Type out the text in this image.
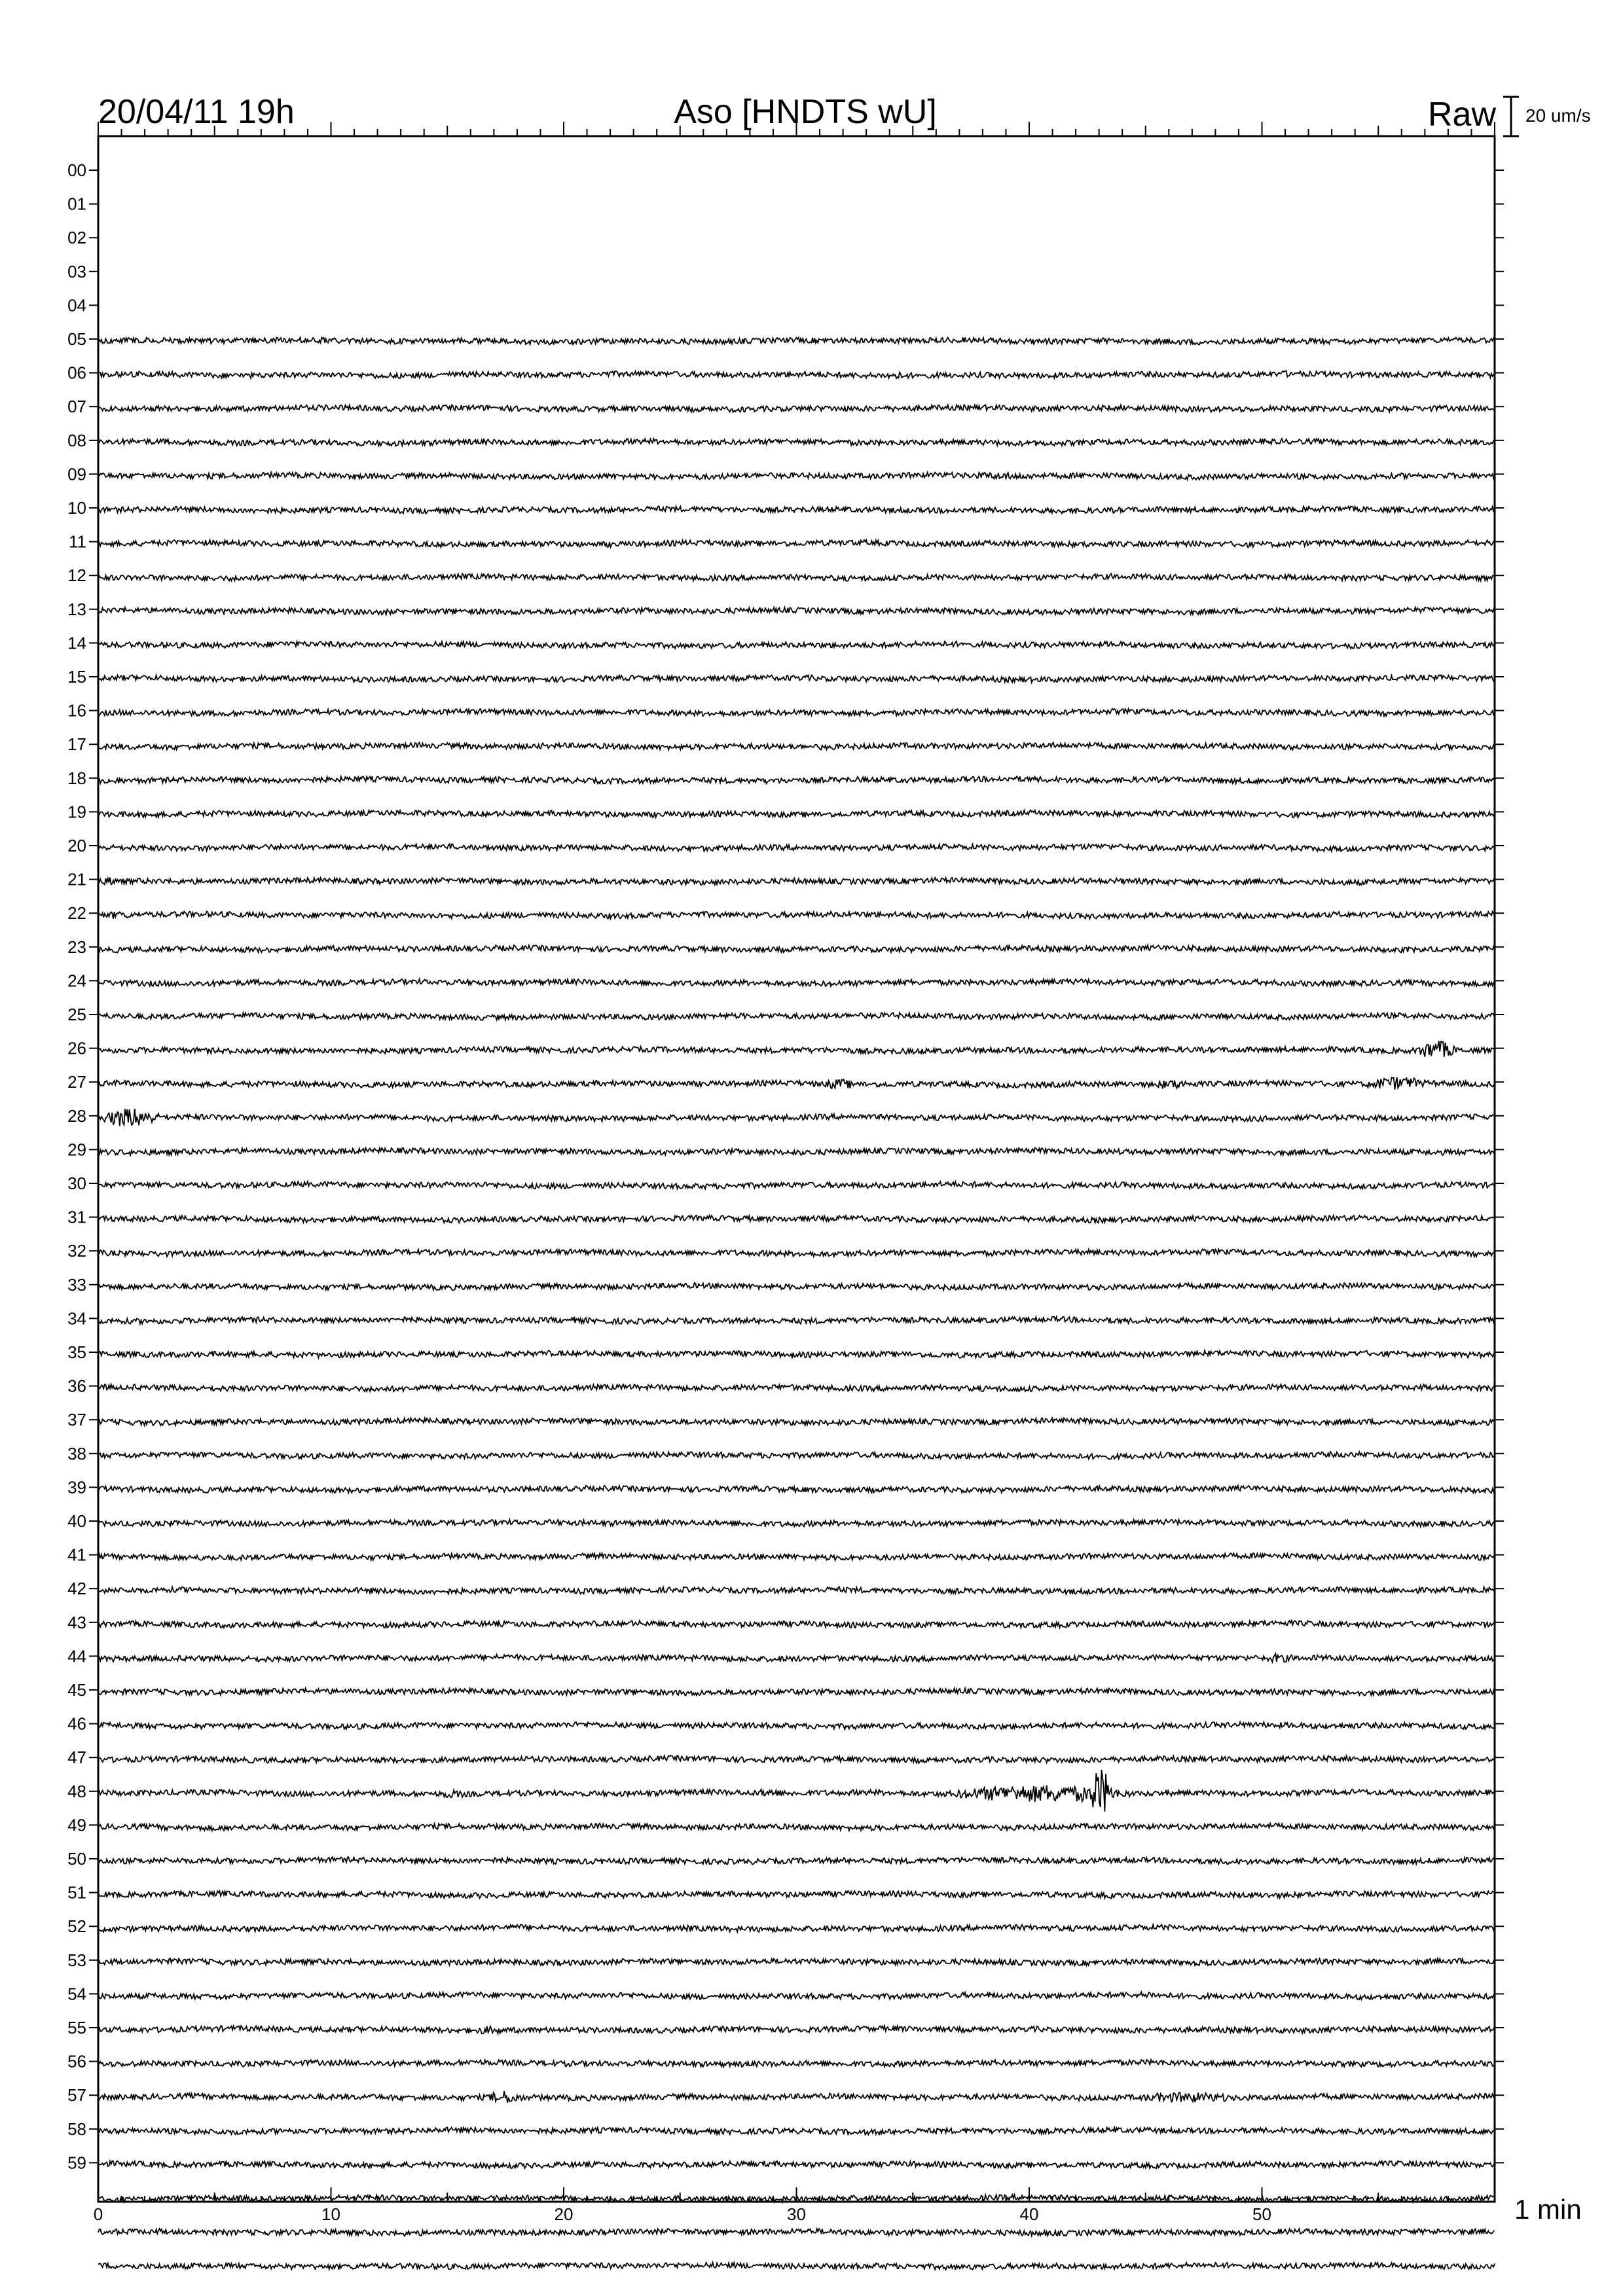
20/04/11 19h	Aso [HNDTS wU]	Raw 20 um/s
0	10	20	30	40	50
00
01
02
03
04
05
06
07
08
09
10
11
12
13
14
15
16
17
18
19
20
21
22
23
24
25
26
27
28
29
30
31
32
33
34
35
36
37
38
39
40
41
42
43
44
45
46
47
48
49
50
51
52
53
54
55
56
57
58
59
1 min
